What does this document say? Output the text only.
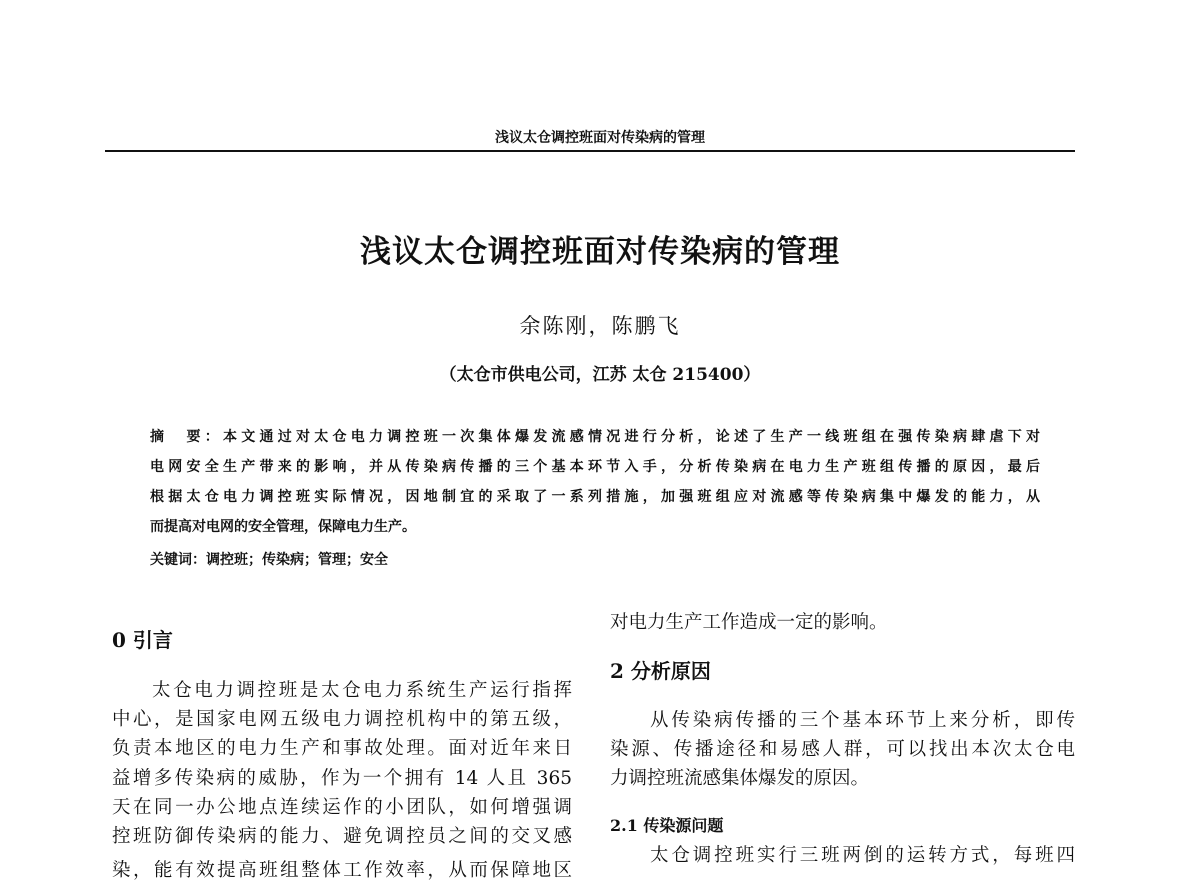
浅议太仓调控班面对传染病的管理
浅议太仓调控班面对传染病的管理
余陈刚，陈鹏飞
（太仓市供电公司，江苏 太仓 215400）
摘　要：本文通过对太仓电力调控班一次集体爆发流感情况进行分析，论述了生产一线班组在强传染病肆虐下对
电网安全生产带来的影响，并从传染病传播的三个基本环节入手，分析传染病在电力生产班组传播的原因，最后
根据太仓电力调控班实际情况，因地制宜的采取了一系列措施，加强班组应对流感等传染病集中爆发的能力，从
而提高对电网的安全管理，保障电力生产。
关键词：调控班；传染病；管理；安全
0 引言
太仓电力调控班是太仓电力系统生产运行指挥
中心，是国家电网五级电力调控机构中的第五级，
负责本地区的电力生产和事故处理。面对近年来日
益增多传染病的威胁，作为一个拥有 14 人且 365
天在同一办公地点连续运作的小团队，如何增强调
控班防御传染病的能力、避免调控员之间的交叉感
染，能有效提高班组整体工作效率，从而保障地区
对电力生产工作造成一定的影响。
2 分析原因
从传染病传播的三个基本环节上来分析，即传
染源、传播途径和易感人群，可以找出本次太仓电
力调控班流感集体爆发的原因。
2.1 传染源问题
太仓调控班实行三班两倒的运转方式，每班四
